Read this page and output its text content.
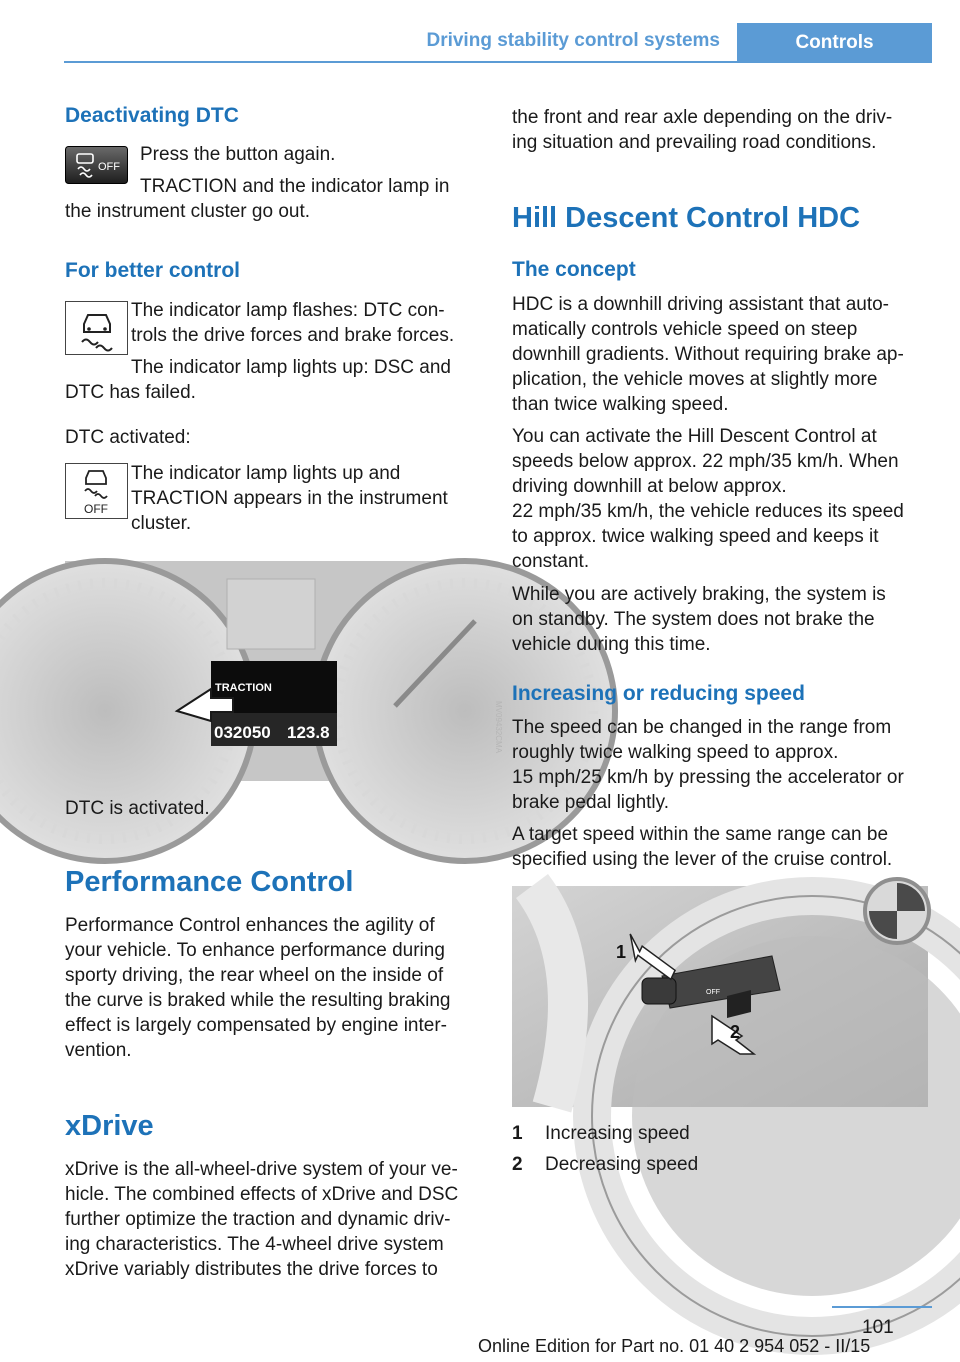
Driving stability control systems	Controls
Deactivating DTC
OFF
Press the button again.
TRACTION and the indicator lamp in
the instrument cluster go out.
For better control
The indicator lamp flashes: DTC con-
trols the drive forces and brake forces.
The indicator lamp lights up: DSC and
DTC has failed.
DTC activated:
OFF
The indicator lamp lights up and
TRACTION appears in the instrument
cluster.
TRACTION
032050 123.8	MV09432CMA
DTC is activated.
Performance Control
Performance Control enhances the agility of
your vehicle. To enhance performance during
sporty driving, the rear wheel on the inside of
the curve is braked while the resulting braking
effect is largely compensated by engine inter-
vention.
xDrive
xDrive is the all-wheel-drive system of your ve-
hicle. The combined effects of xDrive and DSC
further optimize the traction and dynamic driv-
ing characteristics. The 4-wheel drive system
xDrive variably distributes the drive forces to
the front and rear axle depending on the driv-
ing situation and prevailing road conditions.
Hill Descent Control HDC
The concept
HDC is a downhill driving assistant that auto-
matically controls vehicle speed on steep
downhill gradients. Without requiring brake ap-
plication, the vehicle moves at slightly more
than twice walking speed.
You can activate the Hill Descent Control at
speeds below approx. 22 mph/35 km/h. When
driving downhill at below approx.
22 mph/35 km/h, the vehicle reduces its speed
to approx. twice walking speed and keeps it
constant.
While you are actively braking, the system is
on standby. The system does not brake the
vehicle during this time.
Increasing or reducing speed
The speed can be changed in the range from
roughly twice walking speed to approx.
15 mph/25 km/h by pressing the accelerator or
brake pedal lightly.
A target speed within the same range can be
specified using the lever of the cruise control.
OFF
1
2
1 Increasing speed
2 Decreasing speed
101
Online Edition for Part no. 01 40 2 954 052 - II/15
